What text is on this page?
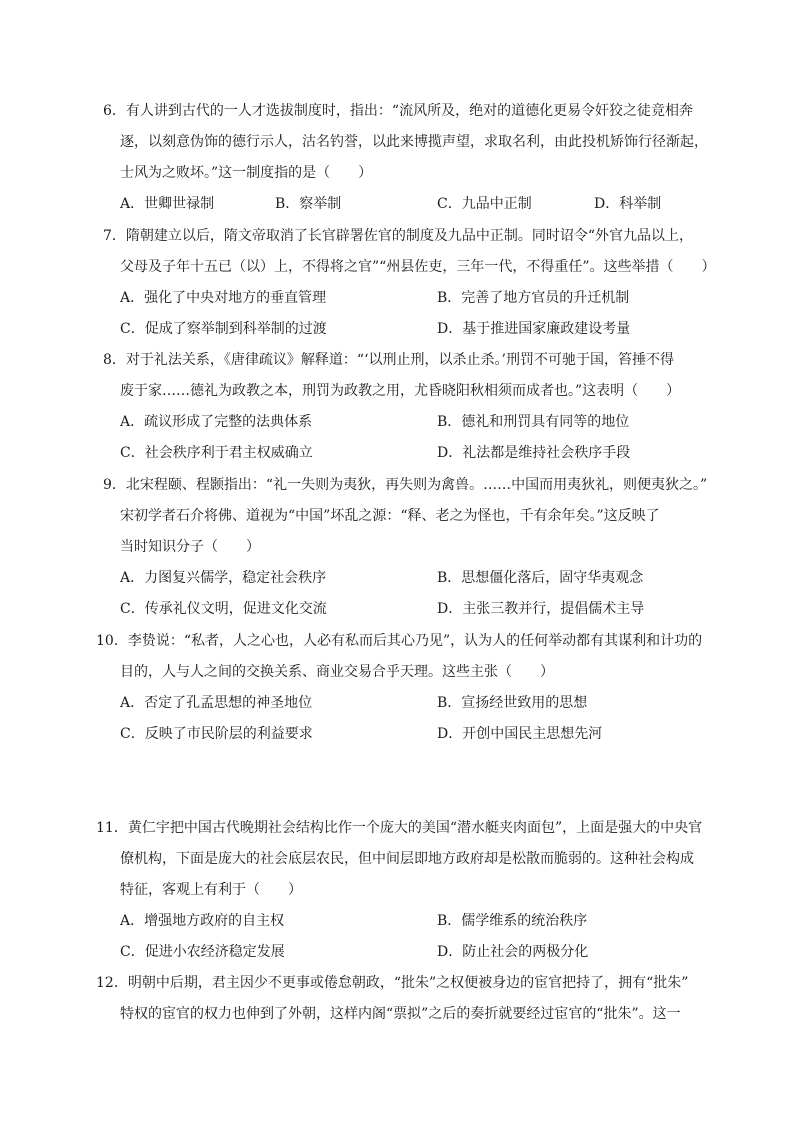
6．有人讲到古代的一人才选拔制度时，指出：“流风所及，绝对的道德化更易令奸狡之徒竞相奔
逐，以刻意伪饰的德行示人，沽名钓誉，以此来博揽声望，求取名利，由此投机矫饰行径渐起，
士风为之败坏。”这一制度指的是（　　）
A．世卿世禄制	B．察举制	C．九品中正制	D．科举制
7．隋朝建立以后，隋文帝取消了长官辟署佐官的制度及九品中正制。同时诏令“外官九品以上，
父母及子年十五已（以）上，不得将之官”“州县佐吏，三年一代，不得重任”。这些举措（　　）
A．强化了中央对地方的垂直管理	B．完善了地方官员的升迁机制
C．促成了察举制到科举制的过渡	D．基于推进国家廉政建设考量
8．对于礼法关系，《唐律疏议》解释道：“‘以刑止刑，以杀止杀。’刑罚不可驰于国，笞捶不得
废于家……德礼为政教之本，刑罚为政教之用，尤昏晓阳秋相须而成者也。”这表明（　　）
A．疏议形成了完整的法典体系	B．德礼和刑罚具有同等的地位
C．社会秩序利于君主权威确立	D．礼法都是维持社会秩序手段
9．北宋程颐、程颢指出：“礼一失则为夷狄，再失则为禽兽。……中国而用夷狄礼，则便夷狄之。”
宋初学者石介将佛、道视为“中国”坏乱之源：“释、老之为怪也，千有余年矣。”这反映了
当时知识分子（　　）
A．力图复兴儒学，稳定社会秩序	B．思想僵化落后，固守华夷观念
C．传承礼仪文明，促进文化交流	D．主张三教并行，提倡儒术主导
10．李贽说：“私者，人之心也，人必有私而后其心乃见”，认为人的任何举动都有其谋利和计功的
目的，人与人之间的交换关系、商业交易合乎天理。这些主张（　　）
A．否定了孔孟思想的神圣地位	B．宣扬经世致用的思想
C．反映了市民阶层的利益要求	D．开创中国民主思想先河
11．黄仁宇把中国古代晚期社会结构比作一个庞大的美国“潜水艇夹肉面包”，上面是强大的中央官
僚机构，下面是庞大的社会底层农民，但中间层即地方政府却是松散而脆弱的。这种社会构成
特征，客观上有利于（　　）
A．增强地方政府的自主权	B．儒学维系的统治秩序
C．促进小农经济稳定发展	D．防止社会的两极分化
12．明朝中后期，君主因少不更事或倦怠朝政，“批朱”之权便被身边的宦官把持了，拥有“批朱”
特权的宦官的权力也伸到了外朝，这样内阁“票拟”之后的奏折就要经过宦官的“批朱”。这一
